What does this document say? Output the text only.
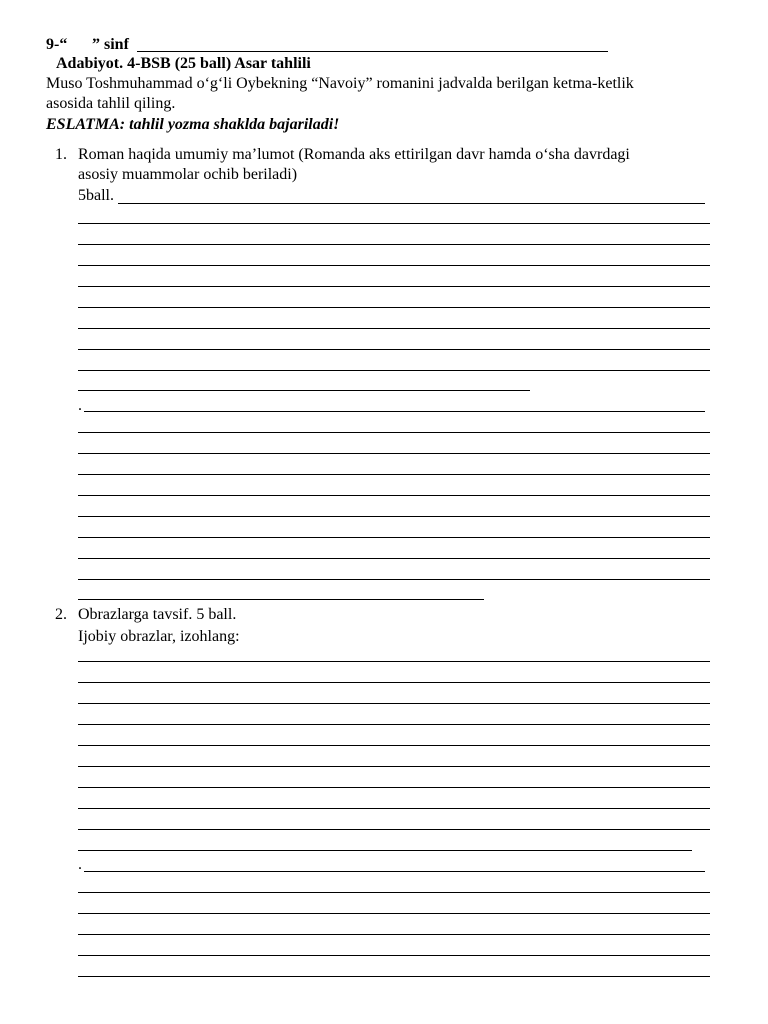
9-“ ” sinf
Adabiyot. 4-BSB (25 ball) Asar tahlili
Muso Toshmuhammad o‘g‘li Oybekning “Navoiy” romanini jadvalda berilgan ketma-ketlik
asosida tahlil qiling.
ESLATMA: tahlil yozma shaklda bajariladi!
1. Roman haqida umumiy ma’lumot (Romanda aks ettirilgan davr hamda o‘sha davrdagi
asosiy muammolar ochib beriladi)
5ball.
.
2. Obrazlarga tavsif. 5 ball.
Ijobiy obrazlar, izohlang:
.
